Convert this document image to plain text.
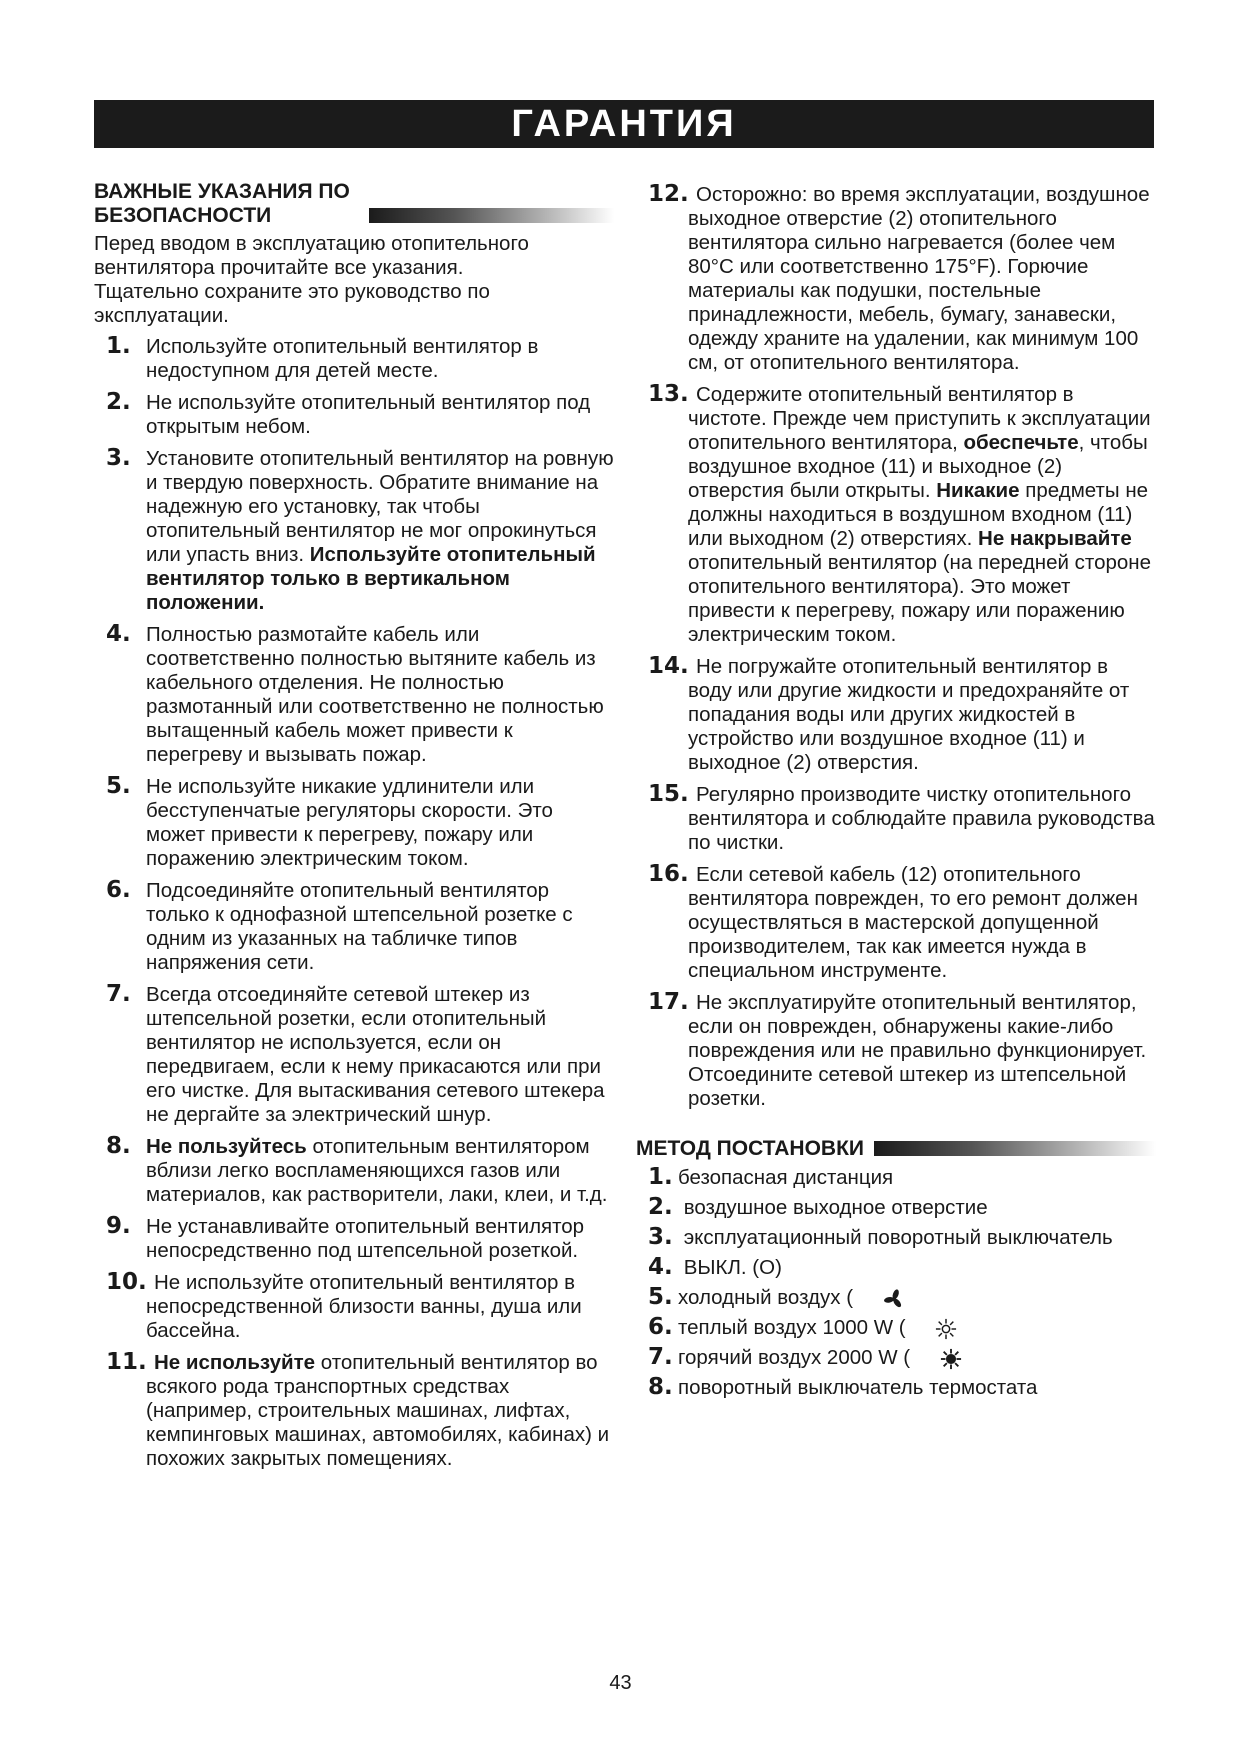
ГАРАНТИЯ
ВАЖНЫЕ УКАЗАНИЯ ПО БЕЗОПАСНОСТИ

Перед вводом в эксплуатацию отопительного вентилятора прочитайте все указания.

Тщательно сохраните это руководство по эксплуатации.

1. Используйте отопительный вентилятор в недоступном для детей месте.
2. Не используйте отопительный вентилятор под открытым небом.
3. Установите отопительный вентилятор на ровную и твердую поверхность. Обратите внимание на надежную его установку, так чтобы отопительный вентилятор не мог опрокинуться или упасть вниз. Используйте отопительный вентилятор только в вертикальном положении.
4. Полностью размотайте кабель или соответственно полностью вытяните кабель из кабельного отделения. Не полностью размотанный или соответственно не полностью вытащенный кабель может привести к перегреву и вызывать пожар.
5. Не используйте никакие удлинители или бесступенчатые регуляторы скорости. Это может привести к перегреву, пожару или поражению электрическим током.
6. Подсоединяйте отопительный вентилятор только к однофазной штепсельной розетке с одним из указанных на табличке типов напряжения сети.
7. Всегда отсоединяйте сетевой штекер из штепсельной розетки, если отопительный вентилятор не используется, если он передвигаем, если к нему прикасаются или при его чистке. Для вытаскивания сетевого штекера не дергайте за электрический шнур.
8. Не пользуйтесь отопительным вентилятором вблизи легко воспламеняющихся газов или материалов, как растворители, лаки, клеи, и т.д.
9. Не устанавливайте отопительный вентилятор непосредственно под штепсельной розеткой.
10. Не используйте отопительный вентилятор в непосредственной близости ванны, душа или бассейна.
11. Не используйте отопительный вентилятор во всякого рода транспортных средствах (например, строительных машинах, лифтах, кемпинговых машинах, автомобилях, кабинах) и похожих закрытых помещениях.
12. Осторожно: во время эксплуатации, воздушное выходное отверстие (2) отопительного вентилятора сильно нагревается (более чем 80°C или соответственно 175°F). Горючие материалы как подушки, постельные принадлежности, мебель, бумагу, занавески, одежду храните на удалении, как минимум 100 см, от отопительного вентилятора.
13. Содержите отопительный вентилятор в чистоте. Прежде чем приступить к эксплуатации отопительного вентилятора, обеспечьте, чтобы воздушное входное (11) и выходное (2) отверстия были открыты. Никакие предметы не должны находиться в воздушном входном (11) или выходном (2) отверстиях. Не накрывайте отопительный вентилятор (на передней стороне отопительного вентилятора). Это может привести к перегреву, пожару или поражению электрическим током.
14. Не погружайте отопительный вентилятор в воду или другие жидкости и предохраняйте от попадания воды или других жидкостей в устройство или воздушное входное (11) и выходное (2) отверстия.
15. Регулярно производите чистку отопительного вентилятора и соблюдайте правила руководства по чистки.
16. Если сетевой кабель (12) отопительного вентилятора поврежден, то его ремонт должен осуществляться в мастерской допущенной производителем, так как имеется нужда в специальном инструменте.
17. Не эксплуатируйте отопительный вентилятор, если он поврежден, обнаружены какие-либо повреждения или не правильно функционирует. Отсоедините сетевой штекер из штепсельной розетки.
МЕТОД ПОСТАНОВКИ
1. безопасная дистанция
2. воздушное выходное отверстие
3. эксплуатационный поворотный выключатель
4. ВЫКЛ. (O)
5. холодный воздух (
6. теплый воздух 1000 W (
7. горячий воздух 2000 W (
8. поворотный выключатель термостата
43
